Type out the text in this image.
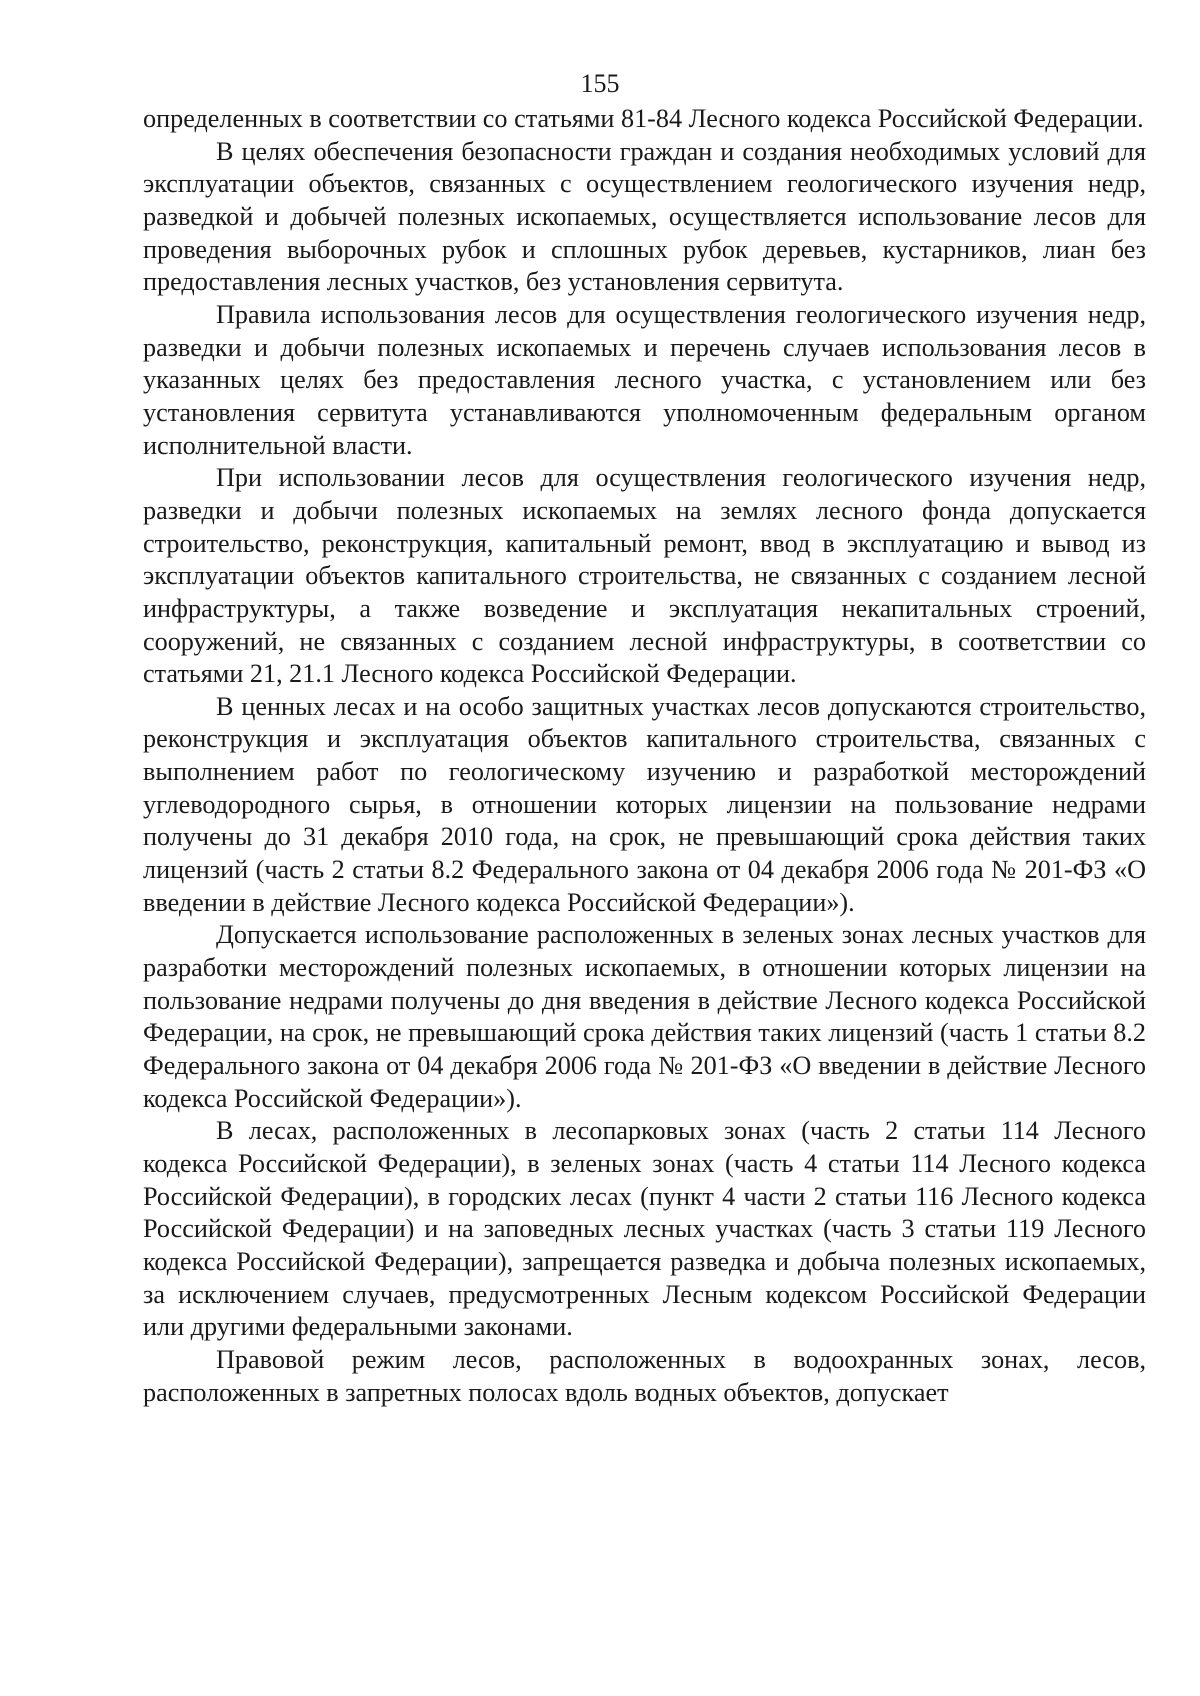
155

определенных в соответствии со статьями 81-84 Лесного кодекса Российской Федерации.

В целях обеспечения безопасности граждан и создания необходимых условий для эксплуатации объектов, связанных с осуществлением геологического изучения недр, разведкой и добычей полезных ископаемых, осуществляется использование лесов для проведения выборочных рубок и сплошных рубок деревьев, кустарников, лиан без предоставления лесных участков, без установления сервитута.

Правила использования лесов для осуществления геологического изучения недр, разведки и добычи полезных ископаемых и перечень случаев использования лесов в указанных целях без предоставления лесного участка, с установлением или без установления сервитута устанавливаются уполномоченным федеральным органом исполнительной власти.

При использовании лесов для осуществления геологического изучения недр, разведки и добычи полезных ископаемых на землях лесного фонда допускается строительство, реконструкция, капитальный ремонт, ввод в эксплуатацию и вывод из эксплуатации объектов капитального строительства, не связанных с созданием лесной инфраструктуры, а также возведение и эксплуатация некапитальных строений, сооружений, не связанных с созданием лесной инфраструктуры, в соответствии со статьями 21, 21.1 Лесного кодекса Российской Федерации.

В ценных лесах и на особо защитных участках лесов допускаются строительство, реконструкция и эксплуатация объектов капитального строительства, связанных с выполнением работ по геологическому изучению и разработкой месторождений углеводородного сырья, в отношении которых лицензии на пользование недрами получены до 31 декабря 2010 года, на срок, не превышающий срока действия таких лицензий (часть 2 статьи 8.2 Федерального закона от 04 декабря 2006 года № 201-ФЗ «О введении в действие Лесного кодекса Российской Федерации»).

Допускается использование расположенных в зеленых зонах лесных участков для разработки месторождений полезных ископаемых, в отношении которых лицензии на пользование недрами получены до дня введения в действие Лесного кодекса Российской Федерации, на срок, не превышающий срока действия таких лицензий (часть 1 статьи 8.2 Федерального закона от 04 декабря 2006 года № 201-ФЗ «О введении в действие Лесного кодекса Российской Федерации»).

В лесах, расположенных в лесопарковых зонах (часть 2 статьи 114 Лесного кодекса Российской Федерации), в зеленых зонах (часть 4 статьи 114 Лесного кодекса Российской Федерации), в городских лесах (пункт 4 части 2 статьи 116 Лесного кодекса Российской Федерации) и на заповедных лесных участках (часть 3 статьи 119 Лесного кодекса Российской Федерации), запрещается разведка и добыча полезных ископаемых, за исключением случаев, предусмотренных Лесным кодексом Российской Федерации или другими федеральными законами.

Правовой режим лесов, расположенных в водоохранных зонах, лесов, расположенных в запретных полосах вдоль водных объектов, допускает
